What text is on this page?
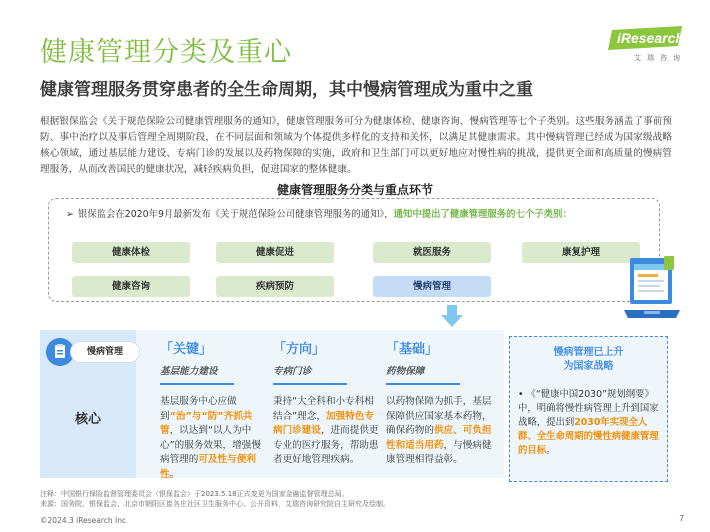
健康管理分类及重心
健康管理服务贯穿患者的全生命周期，其中慢病管理成为重中之重
iResearch
艾瑞咨询
根据银保监会《关于规范保险公司健康管理服务的通知》，健康管理服务可分为健康体检、健康咨询、慢病管理等七个子类别。这些服务涵盖了事前预防、事中治疗以及事后管理全周期阶段，在不同层面和领域为个体提供多样化的支持和关怀，以满足其健康需求。其中慢病管理已经成为国家级战略核心领域，通过基层能力建设、专病门诊的发展以及药物保障的实施，政府和卫生部门可以更好地应对慢性病的挑战，提供更全面和高质量的慢病管理服务，从而改善国民的健康状况，减轻疾病负担，促进国家的整体健康。
健康管理服务分类与重点环节
➢ 银保监会在2020年9月最新发布《关于规范保险公司健康管理服务的通知》，通知中提出了健康管理服务的七个子类别：
健康体检	健康促进	就医服务	康复护理
健康咨询	疾病预防	慢病管理
慢病管理
核心
「关键」
基层能力建设
基层服务中心应做到“治”与“防”齐抓共管，以达到“以人为中心”的服务效果，增强慢病管理的可及性与便利性。
「方向」
专病门诊
秉持“大全科和小专科相结合”理念，加强特色专病门诊建设，进而提供更专业的医疗服务，帮助患者更好地管理疾病。
「基础」
药物保障
以药物保障为抓手，基层保障供应国家基本药物，确保药物的供应、可负担性和适当用药，与慢病健康管理相得益彰。
慢病管理已上升
为国家战略
• 《“健康中国2030”规划纲要》中，明确将慢性病管理上升到国家战略，提出到2030年实现全人群、全生命周期的慢性病健康管理的目标。
注释：中国银行保险监督管理委员会（银保监会）于2023.5.18正式变更为国家金融监督管理总局。
来源：国务院、银保监会、北京市朝阳区崔各庄社区卫生服务中心、公开资料，艾瑞咨询研究院自主研究及绘制。
©2024.3 iResearch Inc	7
